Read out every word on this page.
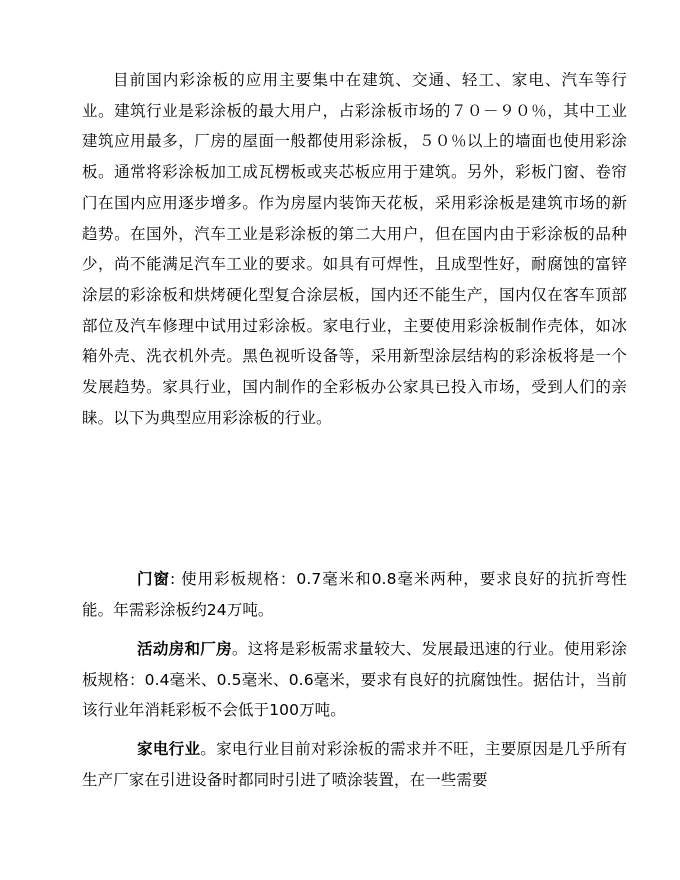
目前国内彩涂板的应用主要集中在建筑、交通、轻工、家电、汽车等行业。建筑行业是彩涂板的最大用户，占彩涂板市场的７０－９０％，其中工业建筑应用最多，厂房的屋面一般都使用彩涂板，５０％以上的墙面也使用彩涂板。通常将彩涂板加工成瓦楞板或夹芯板应用于建筑。另外，彩板门窗、卷帘门在国内应用逐步增多。作为房屋内装饰天花板，采用彩涂板是建筑市场的新趋势。在国外，汽车工业是彩涂板的第二大用户，但在国内由于彩涂板的品种少，尚不能满足汽车工业的要求。如具有可焊性，且成型性好，耐腐蚀的富锌涂层的彩涂板和烘烤硬化型复合涂层板，国内还不能生产，国内仅在客车顶部部位及汽车修理中试用过彩涂板。家电行业，主要使用彩涂板制作壳体，如冰箱外壳、洗衣机外壳。黑色视听设备等，采用新型涂层结构的彩涂板将是一个发展趋势。家具行业，国内制作的全彩板办公家具已投入市场，受到人们的亲睐。以下为典型应用彩涂板的行业。

门窗: 使用彩板规格：0.7毫米和0.8毫米两种，要求良好的抗折弯性能。年需彩涂板约24万吨。

活动房和厂房。这将是彩板需求量较大、发展最迅速的行业。使用彩涂板规格：0.4毫米、0.5毫米、0.6毫米，要求有良好的抗腐蚀性。据估计，当前该行业年消耗彩板不会低于100万吨。

家电行业。家电行业目前对彩涂板的需求并不旺，主要原因是几乎所有生产厂家在引进设备时都同时引进了喷涂装置，在一些需要
